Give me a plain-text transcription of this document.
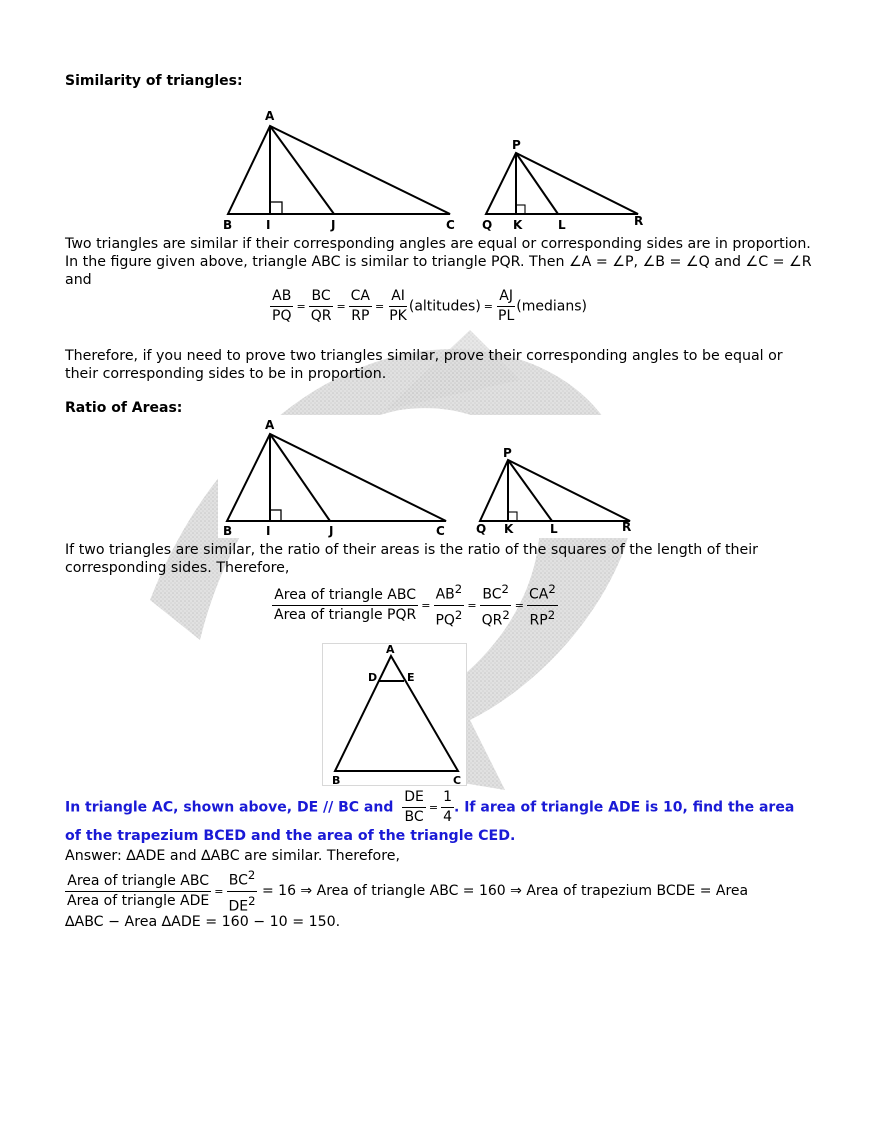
Similarity of triangles:
A
B	I	J	C
P
Q K	L	R
Two triangles are similar if their corresponding angles are equal or corresponding sides are in proportion.
In the figure given above, triangle ABC is similar to triangle PQR. Then ∠A = ∠P, ∠B = ∠Q and ∠C = ∠R
and
$\frac{AB}{PQ} = \frac{BC}{QR} = \frac{CA}{RP} = \frac{AI}{PK}$ (altitudes) = $\frac{AJ}{PL}$ (medians)
Therefore, if you need to prove two triangles similar, prove their corresponding angles to be equal or
their corresponding sides to be in proportion.
Ratio of Areas:
A
B	I	J	C
P
Q K	L	R
If two triangles are similar, the ratio of their areas is the ratio of the squares of the length of their
corresponding sides. Therefore,
$\frac{\text{Area of triangle ABC}}{\text{Area of triangle PQR}} = \frac{AB^2}{PQ^2} = \frac{BC^2}{QR^2} = \frac{CA^2}{RP^2}$
A
D	E
B	C
In triangle AC, shown above, DE // BC and $\frac{DE}{BC} = \frac{1}{4}$ . If area of triangle ADE is 10, find the area
of the trapezium BCED and the area of the triangle CED.
Answer: ∆ADE and ∆ABC are similar. Therefore,
$\frac{\text{Area of triangle ABC}}{\text{Area of triangle ADE}} = \frac{BC^2}{DE^2} = 16$ ⇒ Area of triangle ABC = 160 ⇒ Area of trapezium BCDE = Area
∆ABC − Area ∆ADE = 160 − 10 = 150.
